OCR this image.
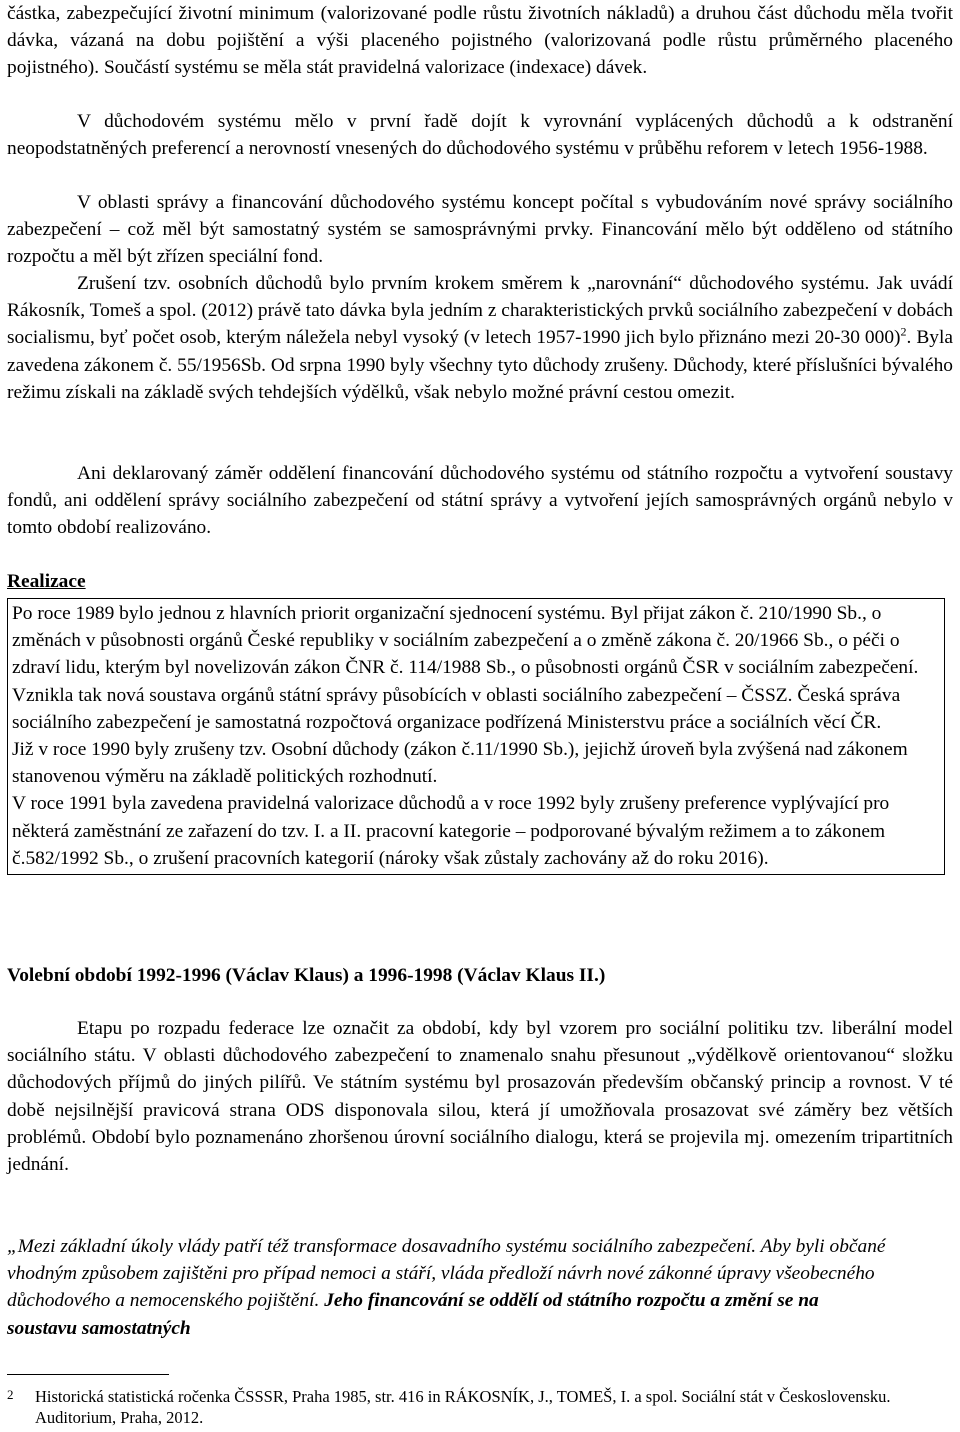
částka, zabezpečující životní minimum (valorizované podle růstu životních nákladů) a druhou část důchodu měla tvořit dávka, vázaná na dobu pojištění a výši placeného pojistného (valorizovaná podle růstu průměrného placeného pojistného). Součástí systému se měla stát pravidelná valorizace (indexace) dávek.

V důchodovém systému mělo v první řadě dojít k vyrovnání vyplácených důchodů a k odstranění neopodstatněných preferencí a nerovností vnesených do důchodového systému v průběhu reforem v letech 1956-1988.

V oblasti správy a financování důchodového systému koncept počítal s vybudováním nové správy sociálního zabezpečení – což měl být samostatný systém se samosprávnými prvky. Financování mělo být odděleno od státního rozpočtu a měl být zřízen speciální fond.

Zrušení tzv. osobních důchodů bylo prvním krokem směrem k „narovnání“ důchodového systému. Jak uvádí Rákosník, Tomeš a spol. (2012) právě tato dávka byla jedním z charakteristických prvků sociálního zabezpečení v dobách socialismu, byť počet osob, kterým náležela nebyl vysoký (v letech 1957-1990 jich bylo přiznáno mezi 20-30 000)$^2$. Byla zavedena zákonem č. 55/1956Sb. Od srpna 1990 byly všechny tyto důchody zrušeny. Důchody, které příslušníci bývalého režimu získali na základě svých tehdejších výdělků, však nebylo možné právní cestou omezit.

Ani deklarovaný záměr oddělení financování důchodového systému od státního rozpočtu a vytvoření soustavy fondů, ani oddělení správy sociálního zabezpečení od státní správy a vytvoření jejích samosprávných orgánů nebylo v tomto období realizováno.

Realizace

Po roce 1989 bylo jednou z hlavních priorit organizační sjednocení systému. Byl přijat zákon č. 210/1990 Sb., o změnách v působnosti orgánů České republiky v sociálním zabezpečení a o změně zákona č. 20/1966 Sb., o péči o zdraví lidu, kterým byl novelizován zákon ČNR č. 114/1988 Sb., o působnosti orgánů ČSR v sociálním zabezpečení. Vznikla tak nová soustava orgánů státní správy působících v oblasti sociálního zabezpečení – ČSSZ. Česká správa sociálního zabezpečení je samostatná rozpočtová organizace podřízená Ministerstvu práce a sociálních věcí ČR.

Již v roce 1990 byly zrušeny tzv. Osobní důchody (zákon č.11/1990 Sb.), jejichž úroveň byla zvýšená nad zákonem stanovenou výměru na základě politických rozhodnutí.

V roce 1991 byla zavedena pravidelná valorizace důchodů a v roce 1992 byly zrušeny preference vyplývající pro některá zaměstnání ze zařazení do tzv. I. a II. pracovní kategorie – podporované bývalým režimem a to zákonem č.582/1992 Sb., o zrušení pracovních kategorií (nároky však zůstaly zachovány až do roku 2016).

Volební období 1992-1996 (Václav Klaus) a 1996-1998 (Václav Klaus II.)

Etapu po rozpadu federace lze označit za období, kdy byl vzorem pro sociální politiku tzv. liberální model sociálního státu. V oblasti důchodového zabezpečení to znamenalo snahu přesunout „výdělkově orientovanou“ složku důchodových příjmů do jiných pilířů. Ve státním systému byl prosazován především občanský princip a rovnost. V té době nejsilnější pravicová strana ODS disponovala silou, která jí umožňovala prosazovat své záměry bez větších problémů. Období bylo poznamenáno zhoršenou úrovní sociálního dialogu, která se projevila mj. omezením tripartitních jednání.

„Mezi základní úkoly vlády patří též transformace dosavadního systému sociálního zabezpečení. Aby byli občané vhodným způsobem zajištěni pro případ nemoci a stáří, vláda předloží návrh nové zákonné úpravy všeobecného důchodového a nemocenského pojištění. Jeho financování se oddělí od státního rozpočtu a změní se na soustavu samostatných

2 Historická statistická ročenka ČSSSR, Praha 1985, str. 416 in RÁKOSNÍK, J., TOMEŠ, I. a spol. Sociální stát v Československu. Auditorium, Praha, 2012.
